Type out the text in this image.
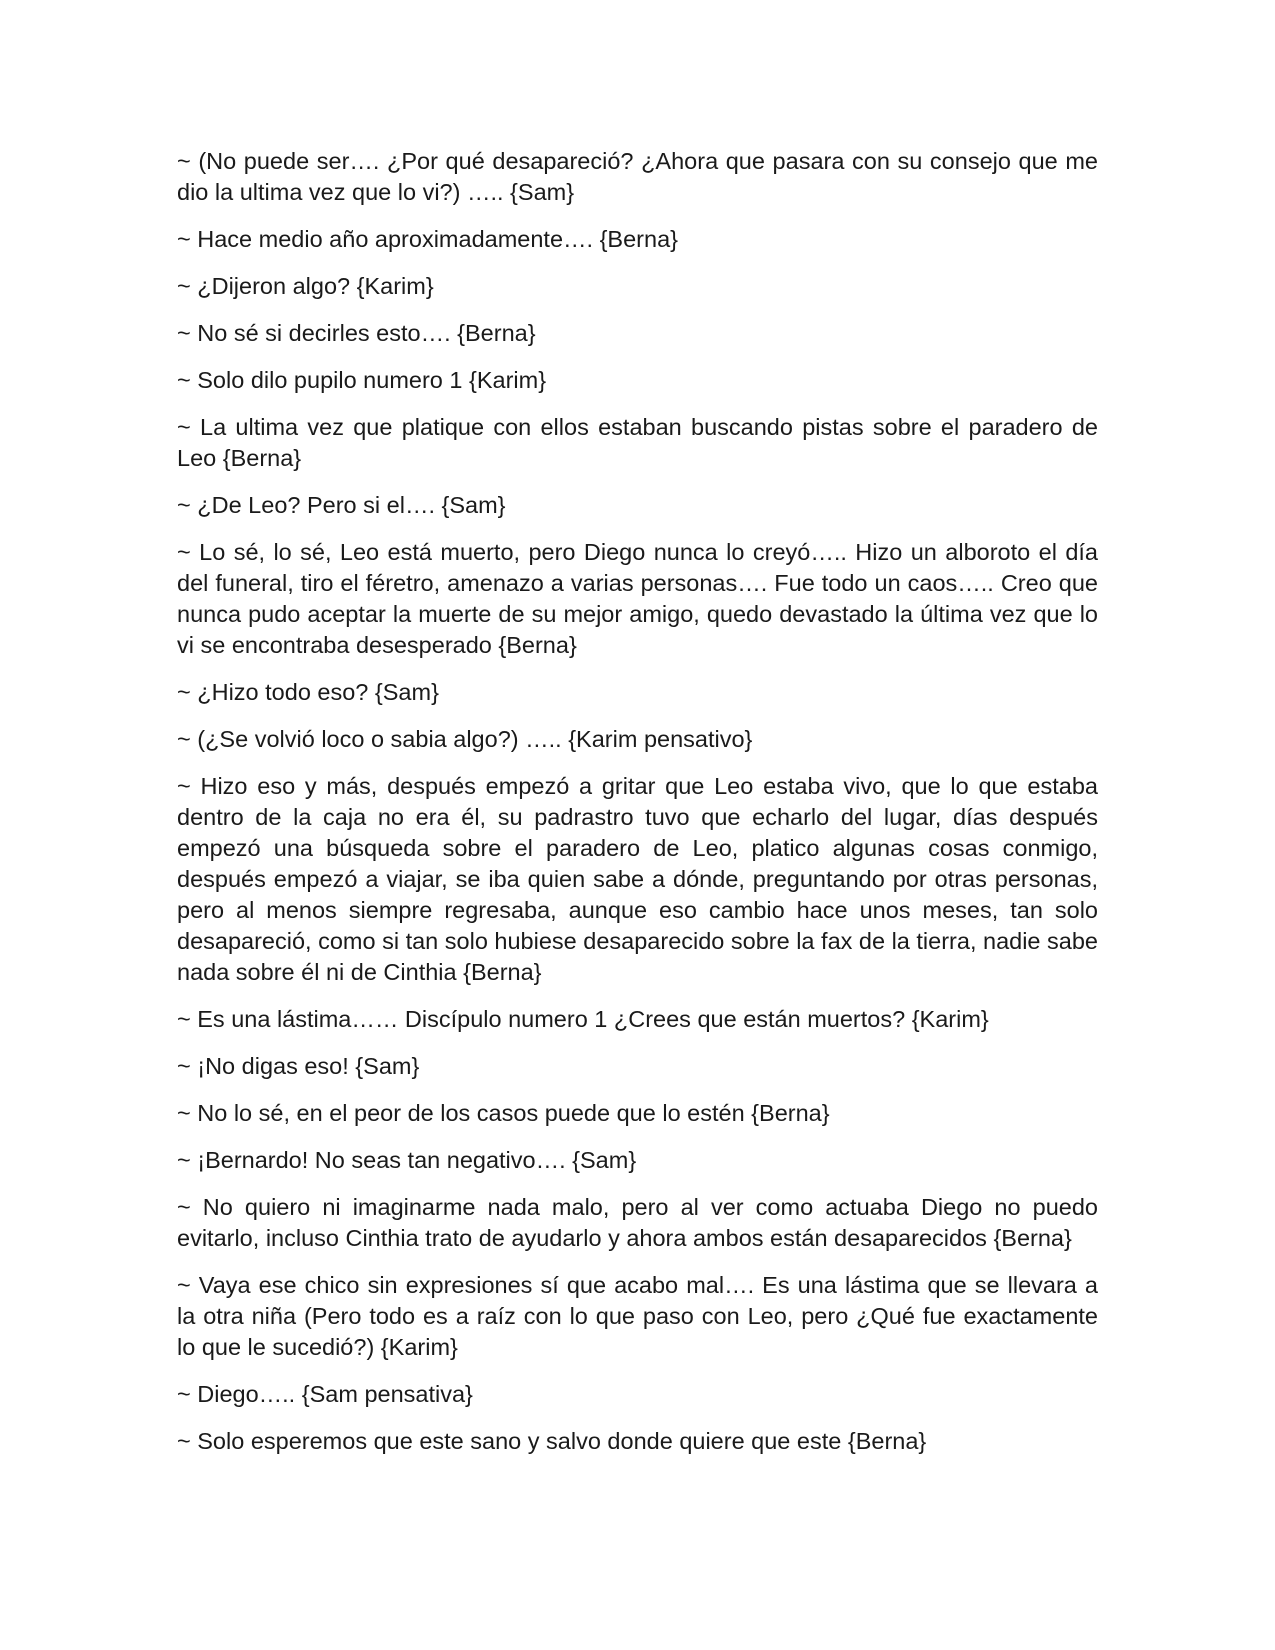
~ (No puede ser…. ¿Por qué desapareció? ¿Ahora que pasara con su consejo que me dio la ultima vez que lo vi?) ….. {Sam}

~ Hace medio año aproximadamente…. {Berna}

~ ¿Dijeron algo? {Karim}

~ No sé si decirles esto…. {Berna}

~ Solo dilo pupilo numero 1 {Karim}

~ La ultima vez que platique con ellos estaban buscando pistas sobre el paradero de Leo {Berna}

~ ¿De Leo? Pero si el…. {Sam}

~ Lo sé, lo sé, Leo está muerto, pero Diego nunca lo creyó….. Hizo un alboroto el día del funeral, tiro el féretro, amenazo a varias personas…. Fue todo un caos….. Creo que nunca pudo aceptar la muerte de su mejor amigo, quedo devastado la última vez que lo vi se encontraba desesperado {Berna}

~ ¿Hizo todo eso? {Sam}

~ (¿Se volvió loco o sabia algo?) ….. {Karim pensativo}

~ Hizo eso y más, después empezó a gritar que Leo estaba vivo, que lo que estaba dentro de la caja no era él, su padrastro tuvo que echarlo del lugar, días después empezó una búsqueda sobre el paradero de Leo, platico algunas cosas conmigo, después empezó a viajar, se iba quien sabe a dónde, preguntando por otras personas, pero al menos siempre regresaba, aunque eso cambio hace unos meses, tan solo desapareció, como si tan solo hubiese desaparecido sobre la fax de la tierra, nadie sabe nada sobre él ni de Cinthia {Berna}

~ Es una lástima…… Discípulo numero 1 ¿Crees que están muertos? {Karim}

~ ¡No digas eso! {Sam}

~ No lo sé, en el peor de los casos puede que lo estén {Berna}

~ ¡Bernardo! No seas tan negativo…. {Sam}

~ No quiero ni imaginarme nada malo, pero al ver como actuaba Diego no puedo evitarlo, incluso Cinthia trato de ayudarlo y ahora ambos están desaparecidos {Berna}

~ Vaya ese chico sin expresiones sí que acabo mal…. Es una lástima que se llevara a la otra niña (Pero todo es a raíz con lo que paso con Leo, pero ¿Qué fue exactamente lo que le sucedió?) {Karim}

~ Diego….. {Sam pensativa}

~ Solo esperemos que este sano y salvo donde quiere que este {Berna}
